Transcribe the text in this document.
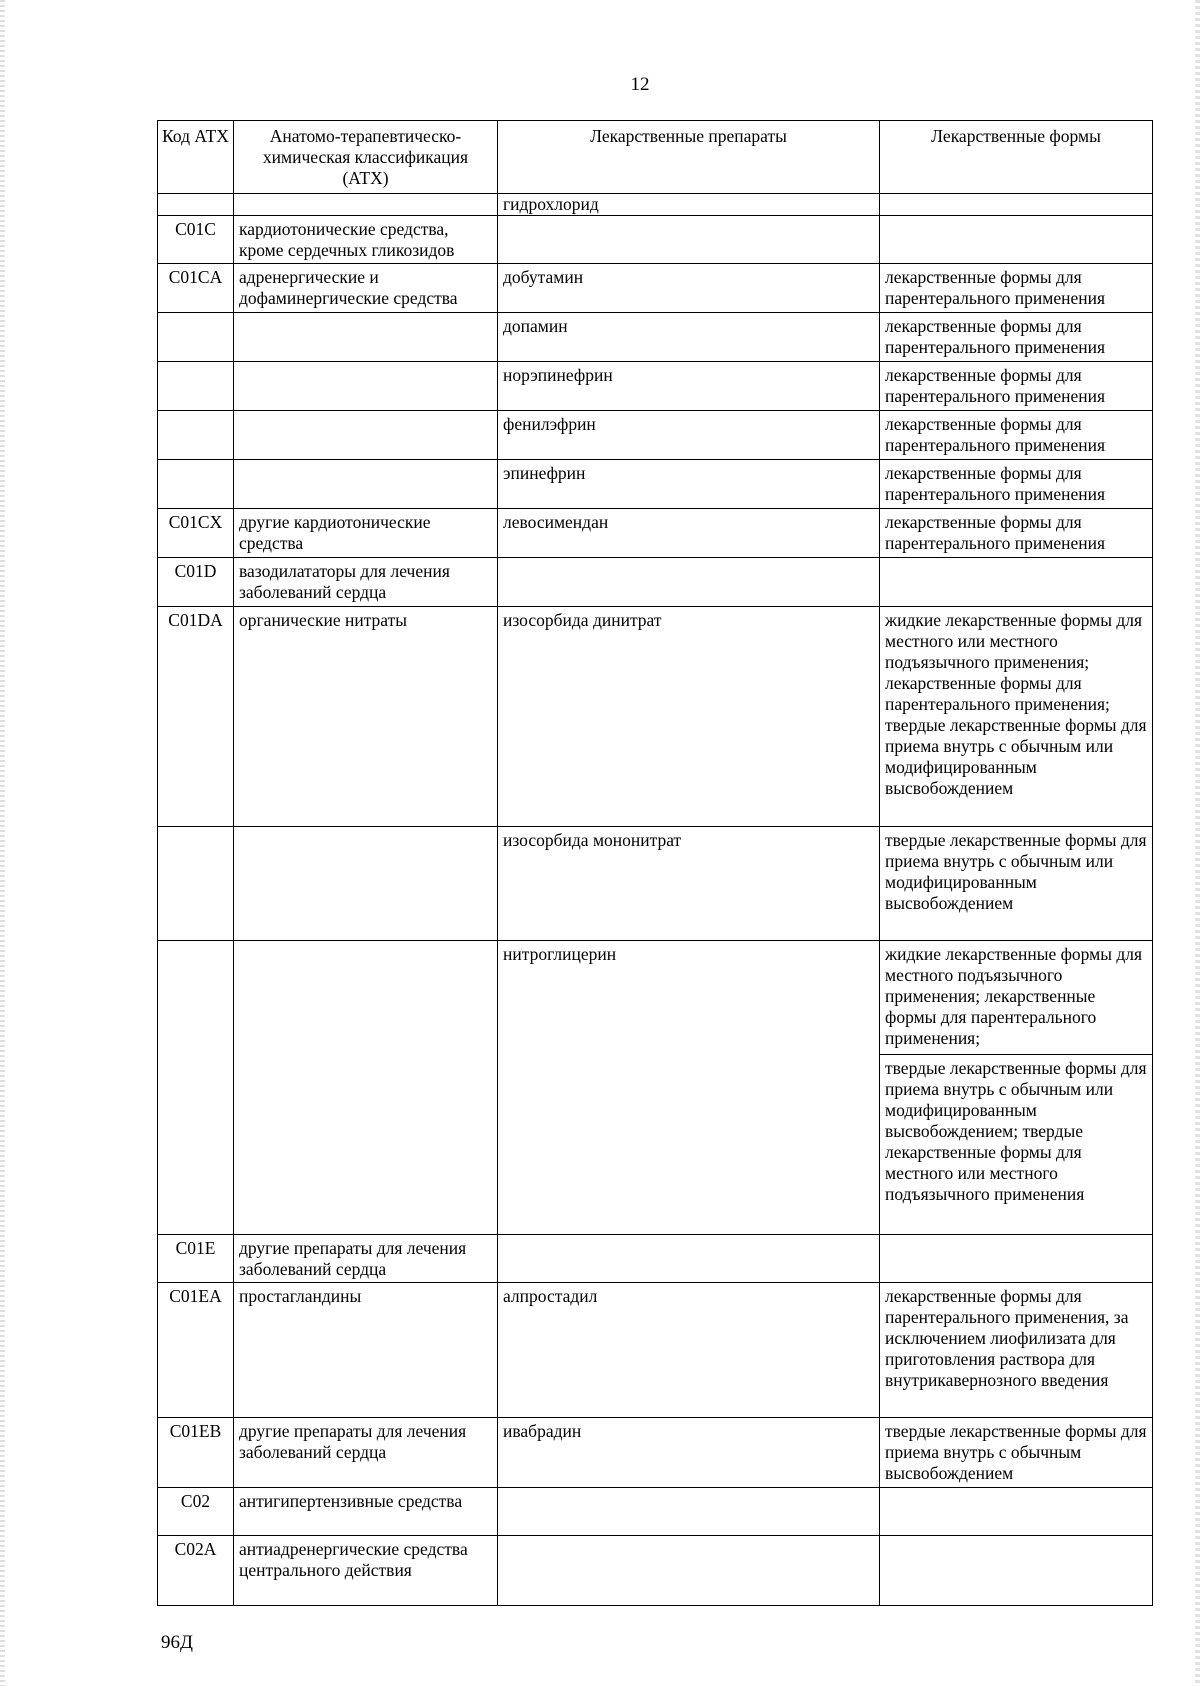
12
Код АТХ	Анатомо-терапевтическо-химическая классификация (АТХ)	Лекарственные препараты	Лекарственные формы
		гидрохлорид	
C01C	кардиотонические средства, кроме сердечных гликозидов		
C01CA	адренергические и дофаминергические средства	добутамин	лекарственные формы для парентерального применения
		допамин	лекарственные формы для парентерального применения
		норэпинефрин	лекарственные формы для парентерального применения
		фенилэфрин	лекарственные формы для парентерального применения
		эпинефрин	лекарственные формы для парентерального применения
C01CX	другие кардиотонические средства	левосимендан	лекарственные формы для парентерального применения
C01D	вазодилататоры для лечения заболеваний сердца		
C01DA	органические нитраты	изосорбида динитрат	жидкие лекарственные формы для местного или местного подъязычного применения; лекарственные формы для парентерального применения; твердые лекарственные формы для приема внутрь с обычным или модифицированным высвобождением
		изосорбида мононитрат	твердые лекарственные формы для приема внутрь с обычным или модифицированным высвобождением
		нитроглицерин	жидкие лекарственные формы для местного подъязычного применения; лекарственные формы для парентерального применения;
			твердые лекарственные формы для приема внутрь с обычным или модифицированным высвобождением; твердые лекарственные формы для местного или местного подъязычного применения
C01E	другие препараты для лечения заболеваний сердца		
C01EA	простагландины	алпростадил	лекарственные формы для парентерального применения, за исключением лиофилизата для приготовления раствора для внутрикавернозного введения
C01EB	другие препараты для лечения заболеваний сердца	ивабрадин	твердые лекарственные формы для приема внутрь с обычным высвобождением
C02	антигипертензивные средства		
C02A	антиадренергические средства центрального действия		
96Д
